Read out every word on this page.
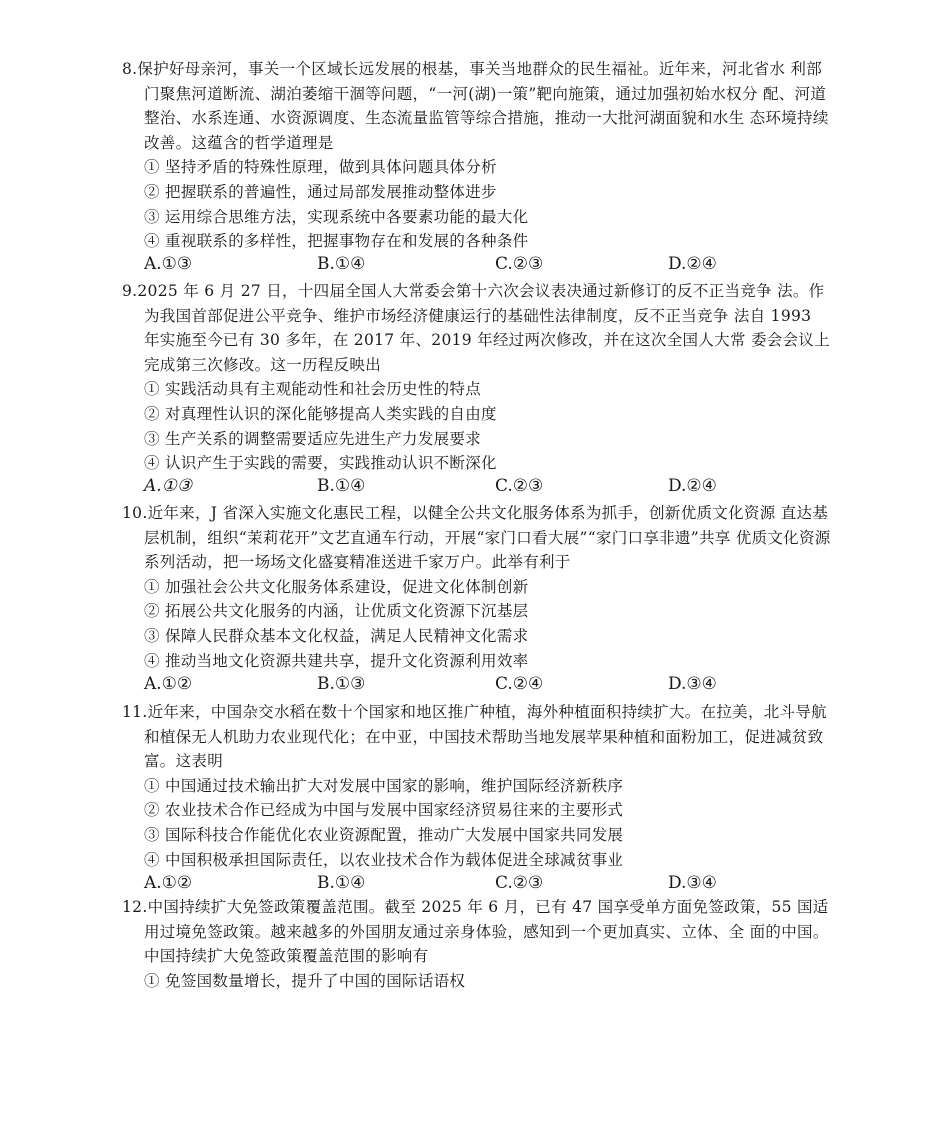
8.保护好母亲河，事关一个区域长远发展的根基，事关当地群众的民生福祉。近年来，河北省水 利部门聚焦河道断流、湖泊萎缩干涸等问题，“一河(湖)一策”靶向施策，通过加强初始水权分 配、河道整治、水系连通、水资源调度、生态流量监管等综合措施，推动一大批河湖面貌和水生 态环境持续改善。这蕴含的哲学道理是
① 坚持矛盾的特殊性原理，做到具体问题具体分析
② 把握联系的普遍性，通过局部发展推动整体进步
③ 运用综合思维方法，实现系统中各要素功能的最大化
④ 重视联系的多样性，把握事物存在和发展的各种条件
A.①③	B.①④	C.②③	D.②④
9.2025 年 6 月 27 日，十四届全国人大常委会第十六次会议表决通过新修订的反不正当竞争 法。作为我国首部促进公平竞争、维护市场经济健康运行的基础性法律制度，反不正当竞争 法自 1993 年实施至今已有 30 多年，在 2017 年、2019 年经过两次修改，并在这次全国人大常 委会会议上完成第三次修改。这一历程反映出
① 实践活动具有主观能动性和社会历史性的特点
② 对真理性认识的深化能够提高人类实践的自由度
③ 生产关系的调整需要适应先进生产力发展要求
④ 认识产生于实践的需要，实践推动认识不断深化
A.①③	B.①④	C.②③	D.②④
10.近年来，J 省深入实施文化惠民工程，以健全公共文化服务体系为抓手，创新优质文化资源 直达基层机制，组织“茉莉花开”文艺直通车行动，开展“家门口看大展”“家门口享非遗”共享 优质文化资源系列活动，把一场场文化盛宴精准送进千家万户。此举有利于
① 加强社会公共文化服务体系建设，促进文化体制创新
② 拓展公共文化服务的内涵，让优质文化资源下沉基层
③ 保障人民群众基本文化权益，满足人民精神文化需求
④ 推动当地文化资源共建共享，提升文化资源利用效率
A.①②	B.①③	C.②④	D.③④
11.近年来，中国杂交水稻在数十个国家和地区推广种植，海外种植面积持续扩大。在拉美，北斗导航和植保无人机助力农业现代化；在中亚，中国技术帮助当地发展苹果种植和面粉加工，促进减贫致富。这表明
① 中国通过技术输出扩大对发展中国家的影响，维护国际经济新秩序
② 农业技术合作已经成为中国与发展中国家经济贸易往来的主要形式
③ 国际科技合作能优化农业资源配置，推动广大发展中国家共同发展
④ 中国积极承担国际责任，以农业技术合作为载体促进全球减贫事业
A.①②	B.①④	C.②③	D.③④
12.中国持续扩大免签政策覆盖范围。截至 2025 年 6 月，已有 47 国享受单方面免签政策，55 国适用过境免签政策。越来越多的外国朋友通过亲身体验，感知到一个更加真实、立体、全 面的中国。中国持续扩大免签政策覆盖范围的影响有
① 免签国数量增长，提升了中国的国际话语权
